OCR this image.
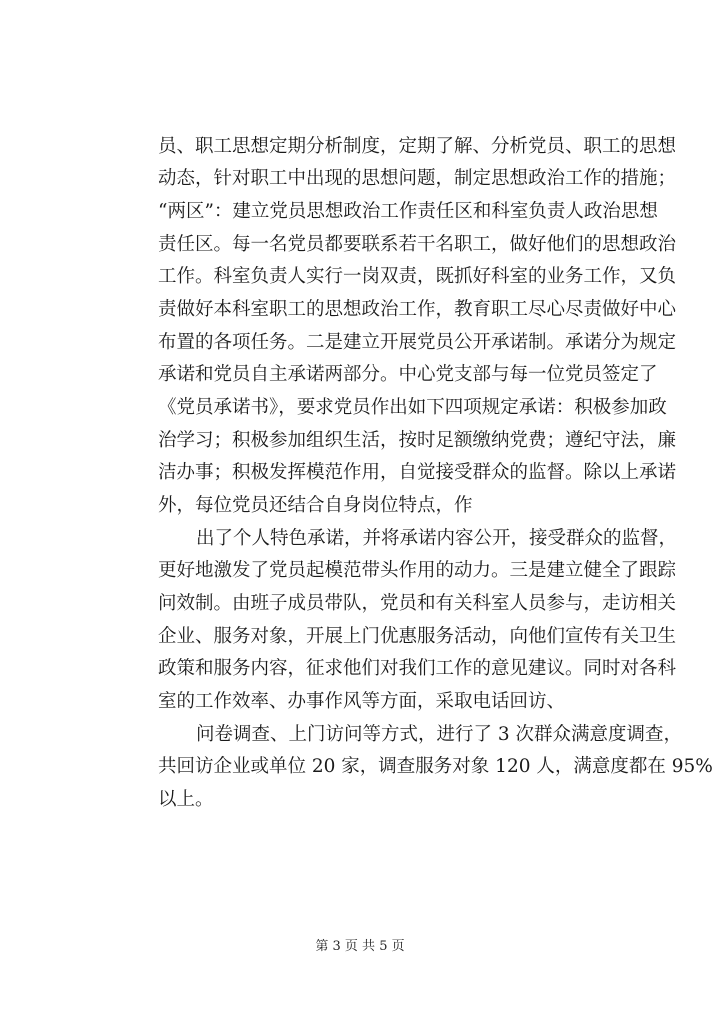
员、职工思想定期分析制度，定期了解、分析党员、职工的思想
动态，针对职工中出现的思想问题，制定思想政治工作的措施；
“两区”：建立党员思想政治工作责任区和科室负责人政治思想
责任区。每一名党员都要联系若干名职工，做好他们的思想政治
工作。科室负责人实行一岗双责，既抓好科室的业务工作，又负
责做好本科室职工的思想政治工作，教育职工尽心尽责做好中心
布置的各项任务。二是建立开展党员公开承诺制。承诺分为规定
承诺和党员自主承诺两部分。中心党支部与每一位党员签定了
《党员承诺书》，要求党员作出如下四项规定承诺：积极参加政
治学习；积极参加组织生活，按时足额缴纳党费；遵纪守法，廉
洁办事；积极发挥模范作用，自觉接受群众的监督。除以上承诺
外，每位党员还结合自身岗位特点，作
出了个人特色承诺，并将承诺内容公开，接受群众的监督，
更好地激发了党员起模范带头作用的动力。三是建立健全了跟踪
问效制。由班子成员带队，党员和有关科室人员参与，走访相关
企业、服务对象，开展上门优惠服务活动，向他们宣传有关卫生
政策和服务内容，征求他们对我们工作的意见建议。同时对各科
室的工作效率、办事作风等方面，采取电话回访、
问卷调查、上门访问等方式，进行了 3 次群众满意度调查，
共回访企业或单位 20 家，调查服务对象 120 人，满意度都在 95%
以上。
第 3 页 共 5 页
